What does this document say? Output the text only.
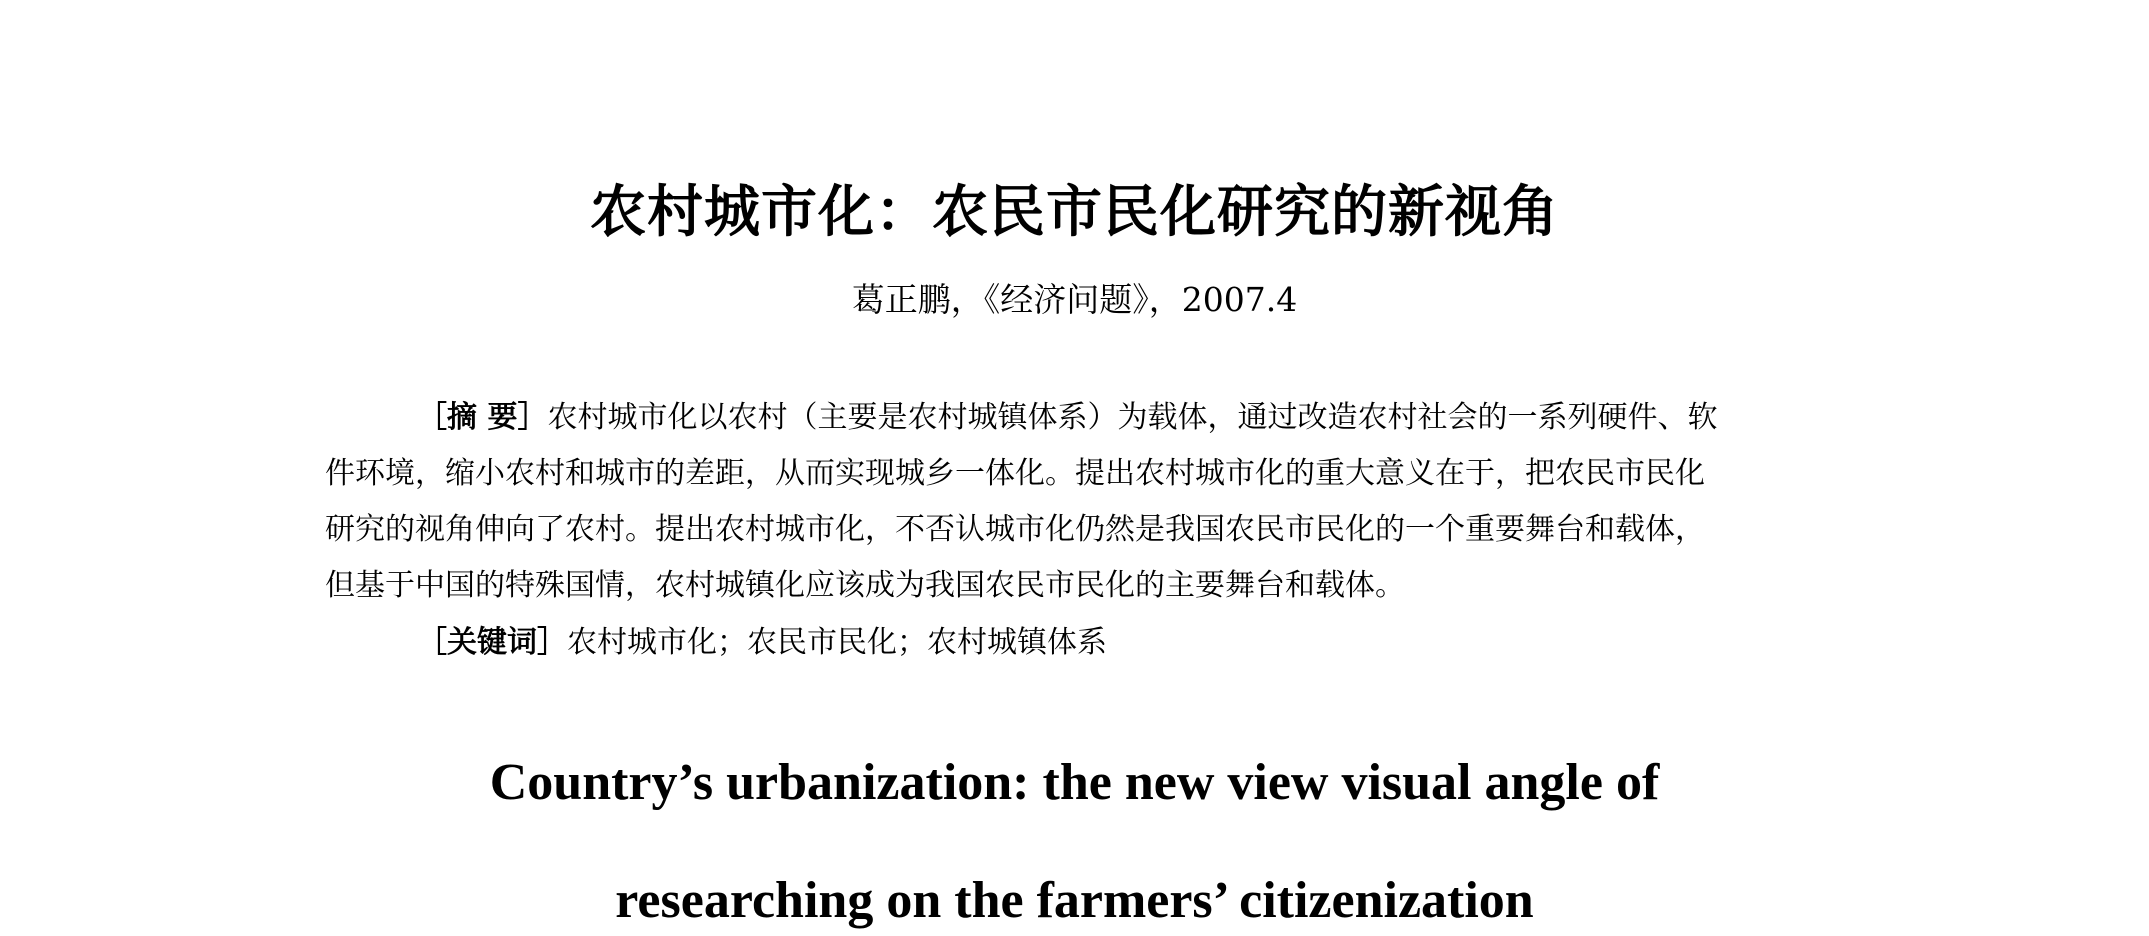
农村城市化：农民市民化研究的新视角
葛正鹏，《经济问题》，2007.4
［摘 要］农村城市化以农村（主要是农村城镇体系）为载体，通过改造农村社会的一系列硬件、软
件环境，缩小农村和城市的差距，从而实现城乡一体化。提出农村城市化的重大意义在于，把农民市民化
研究的视角伸向了农村。提出农村城市化，不否认城市化仍然是我国农民市民化的一个重要舞台和载体，
但基于中国的特殊国情，农村城镇化应该成为我国农民市民化的主要舞台和载体。
［关键词］农村城市化；农民市民化；农村城镇体系
Country’s urbanization: the new view visual angle of
researching on the farmers’ citizenization
